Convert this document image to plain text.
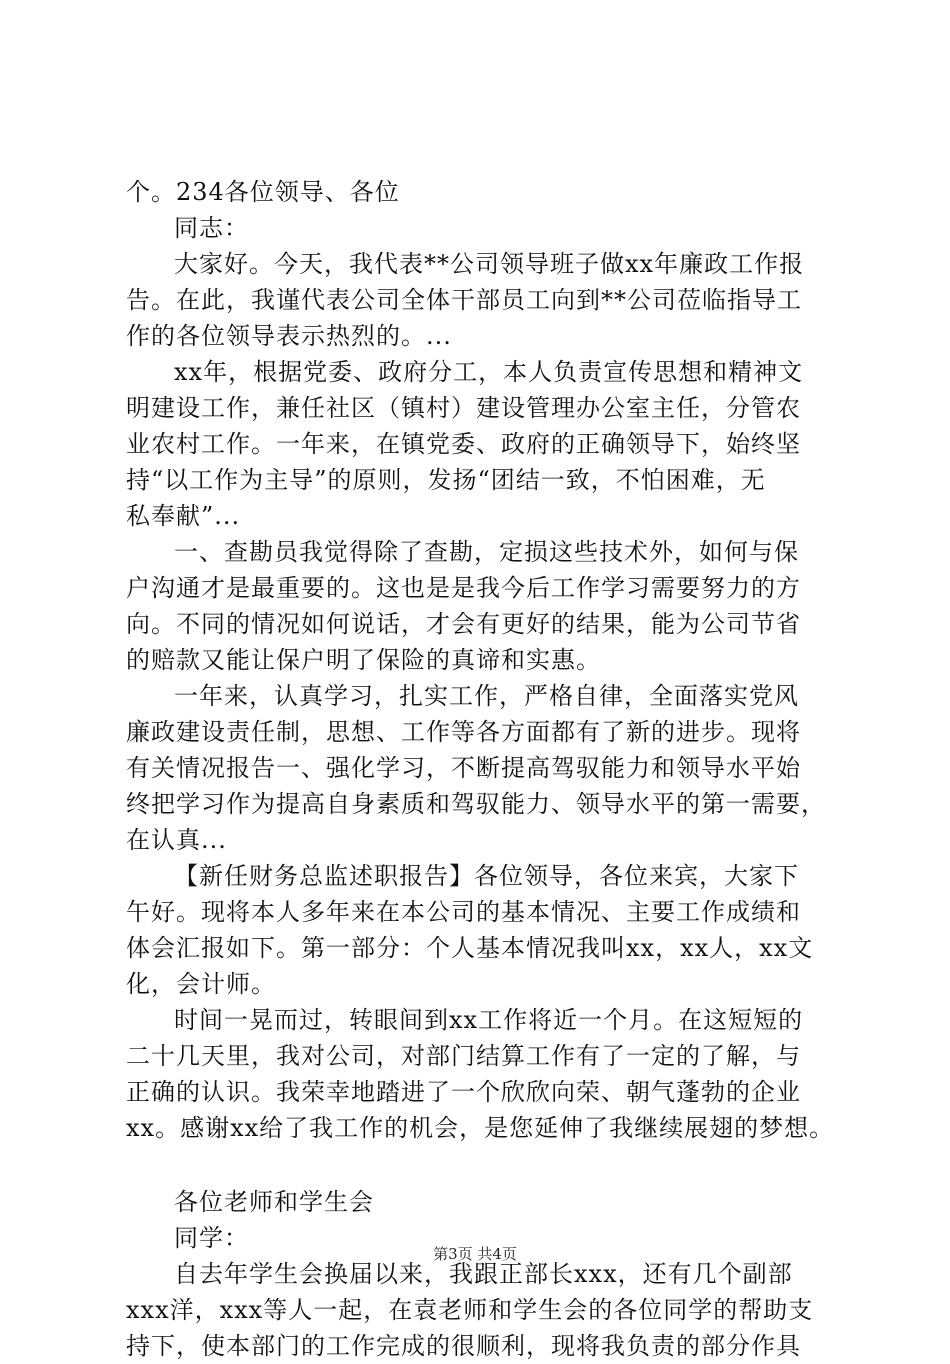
个。234各位领导、各位
同志：
大家好。今天，我代表**公司领导班子做xx年廉政工作报
告。在此，我谨代表公司全体干部员工向到**公司莅临指导工
作的各位领导表示热烈的。...
xx年，根据党委、政府分工，本人负责宣传思想和精神文
明建设工作，兼任社区（镇村）建设管理办公室主任，分管农
业农村工作。一年来，在镇党委、政府的正确领导下，始终坚
持“以工作为主导”的原则，发扬“团结一致，不怕困难，无
私奉献”...
一、查勘员我觉得除了查勘，定损这些技术外，如何与保
户沟通才是最重要的。这也是是我今后工作学习需要努力的方
向。不同的情况如何说话，才会有更好的结果，能为公司节省
的赔款又能让保户明了保险的真谛和实惠。
一年来，认真学习，扎实工作，严格自律，全面落实党风
廉政建设责任制，思想、工作等各方面都有了新的进步。现将
有关情况报告一、强化学习，不断提高驾驭能力和领导水平始
终把学习作为提高自身素质和驾驭能力、领导水平的第一需要，
在认真...
【新任财务总监述职报告】各位领导，各位来宾，大家下
午好。现将本人多年来在本公司的基本情况、主要工作成绩和
体会汇报如下。第一部分：个人基本情况我叫xx，xx人，xx文
化，会计师。
时间一晃而过，转眼间到xx工作将近一个月。在这短短的
二十几天里，我对公司，对部门结算工作有了一定的了解，与
正确的认识。我荣幸地踏进了一个欣欣向荣、朝气蓬勃的企业
xx。感谢xx给了我工作的机会，是您延伸了我继续展翅的梦想。
各位老师和学生会
同学：
自去年学生会换届以来，我跟正部长xxx，还有几个副部
xxx洋，xxx等人一起，在袁老师和学生会的各位同学的帮助支
持下，使本部门的工作完成的很顺利，现将我负责的部分作具
第3页 共4页
